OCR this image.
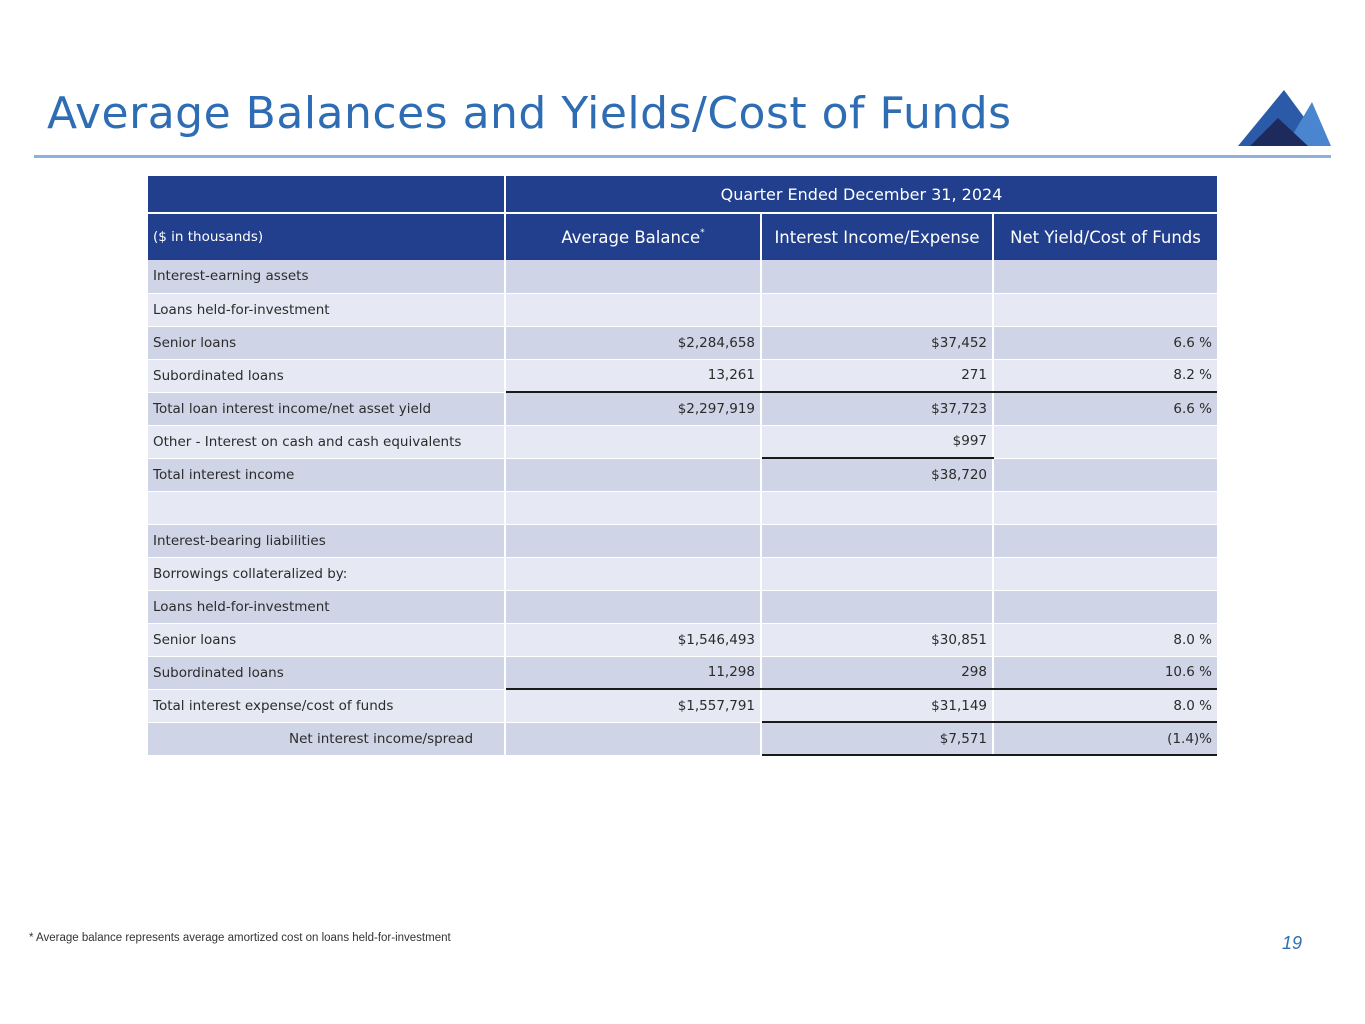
Average Balances and Yields/Cost of Funds
	Quarter Ended December 31, 2024		
($ in thousands)	Average Balance*	Interest Income/Expense	Net Yield/Cost of Funds
Interest-earning assets			
Loans held-for-investment			
Senior loans	$2,284,658	$37,452	6.6 %
Subordinated loans	13,261	271	8.2 %
Total loan interest income/net asset yield	$2,297,919	$37,723	6.6 %
Other - Interest on cash and cash equivalents		$997	
Total interest income		$38,720	

Interest-bearing liabilities			
Borrowings collateralized by:			
Loans held-for-investment			
Senior loans	$1,546,493	$30,851	8.0 %
Subordinated loans	11,298	298	10.6 %
Total interest expense/cost of funds	$1,557,791	$31,149	8.0 %
Net interest income/spread		$7,571	(1.4)%
* Average balance represents average amortized cost on loans held-for-investment	19
